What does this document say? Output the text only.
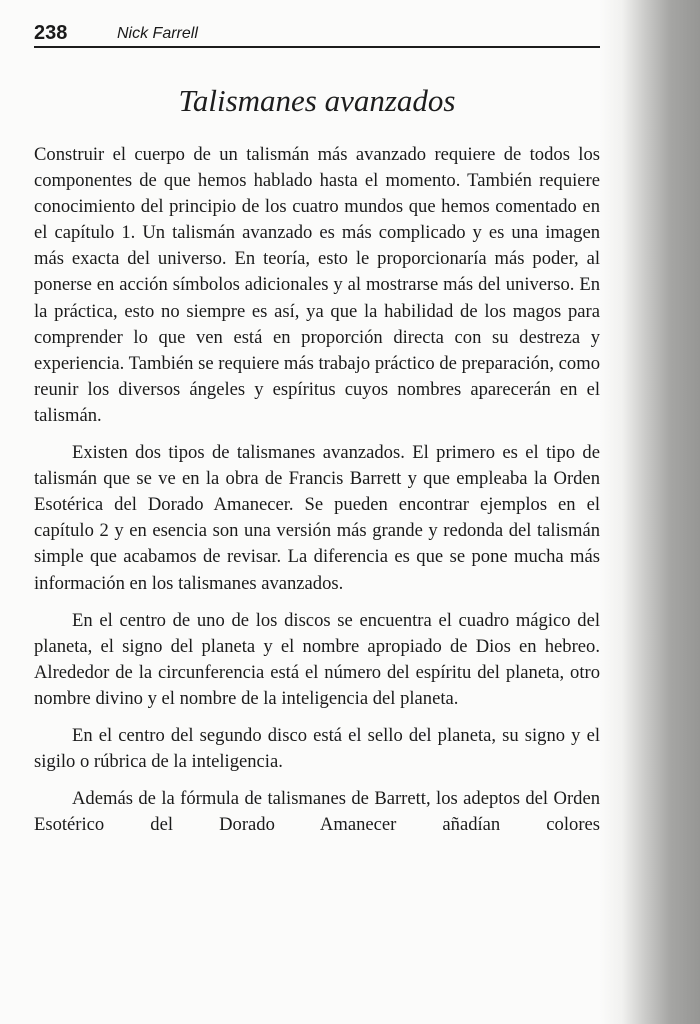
238	Nick Farrell
Talismanes avanzados

Construir el cuerpo de un talismán más avanzado requiere de todos los componentes de que hemos hablado hasta el momento. También requiere conocimiento del principio de los cuatro mundos que hemos comentado en el capítulo 1. Un talismán avanzado es más complicado y es una imagen más exacta del universo. En teoría, esto le proporcionaría más poder, al ponerse en acción símbolos adicionales y al mostrarse más del universo. En la práctica, esto no siempre es así, ya que la habilidad de los magos para comprender lo que ven está en proporción directa con su destreza y experiencia. También se requiere más trabajo práctico de preparación, como reunir los diversos ángeles y espíritus cuyos nombres aparecerán en el talismán.

Existen dos tipos de talismanes avanzados. El primero es el tipo de talismán que se ve en la obra de Francis Barrett y que empleaba la Orden Esotérica del Dorado Amanecer. Se pueden encontrar ejemplos en el capítulo 2 y en esencia son una versión más grande y redonda del talismán simple que acabamos de revisar. La diferencia es que se pone mucha más información en los talismanes avanzados.

En el centro de uno de los discos se encuentra el cuadro mágico del planeta, el signo del planeta y el nombre apropiado de Dios en hebreo. Alrededor de la circunferencia está el número del espíritu del planeta, otro nombre divino y el nombre de la inteligencia del planeta.

En el centro del segundo disco está el sello del planeta, su signo y el sigilo o rúbrica de la inteligencia.

Además de la fórmula de talismanes de Barrett, los adeptos del Orden Esotérico del Dorado Amanecer añadían colores
